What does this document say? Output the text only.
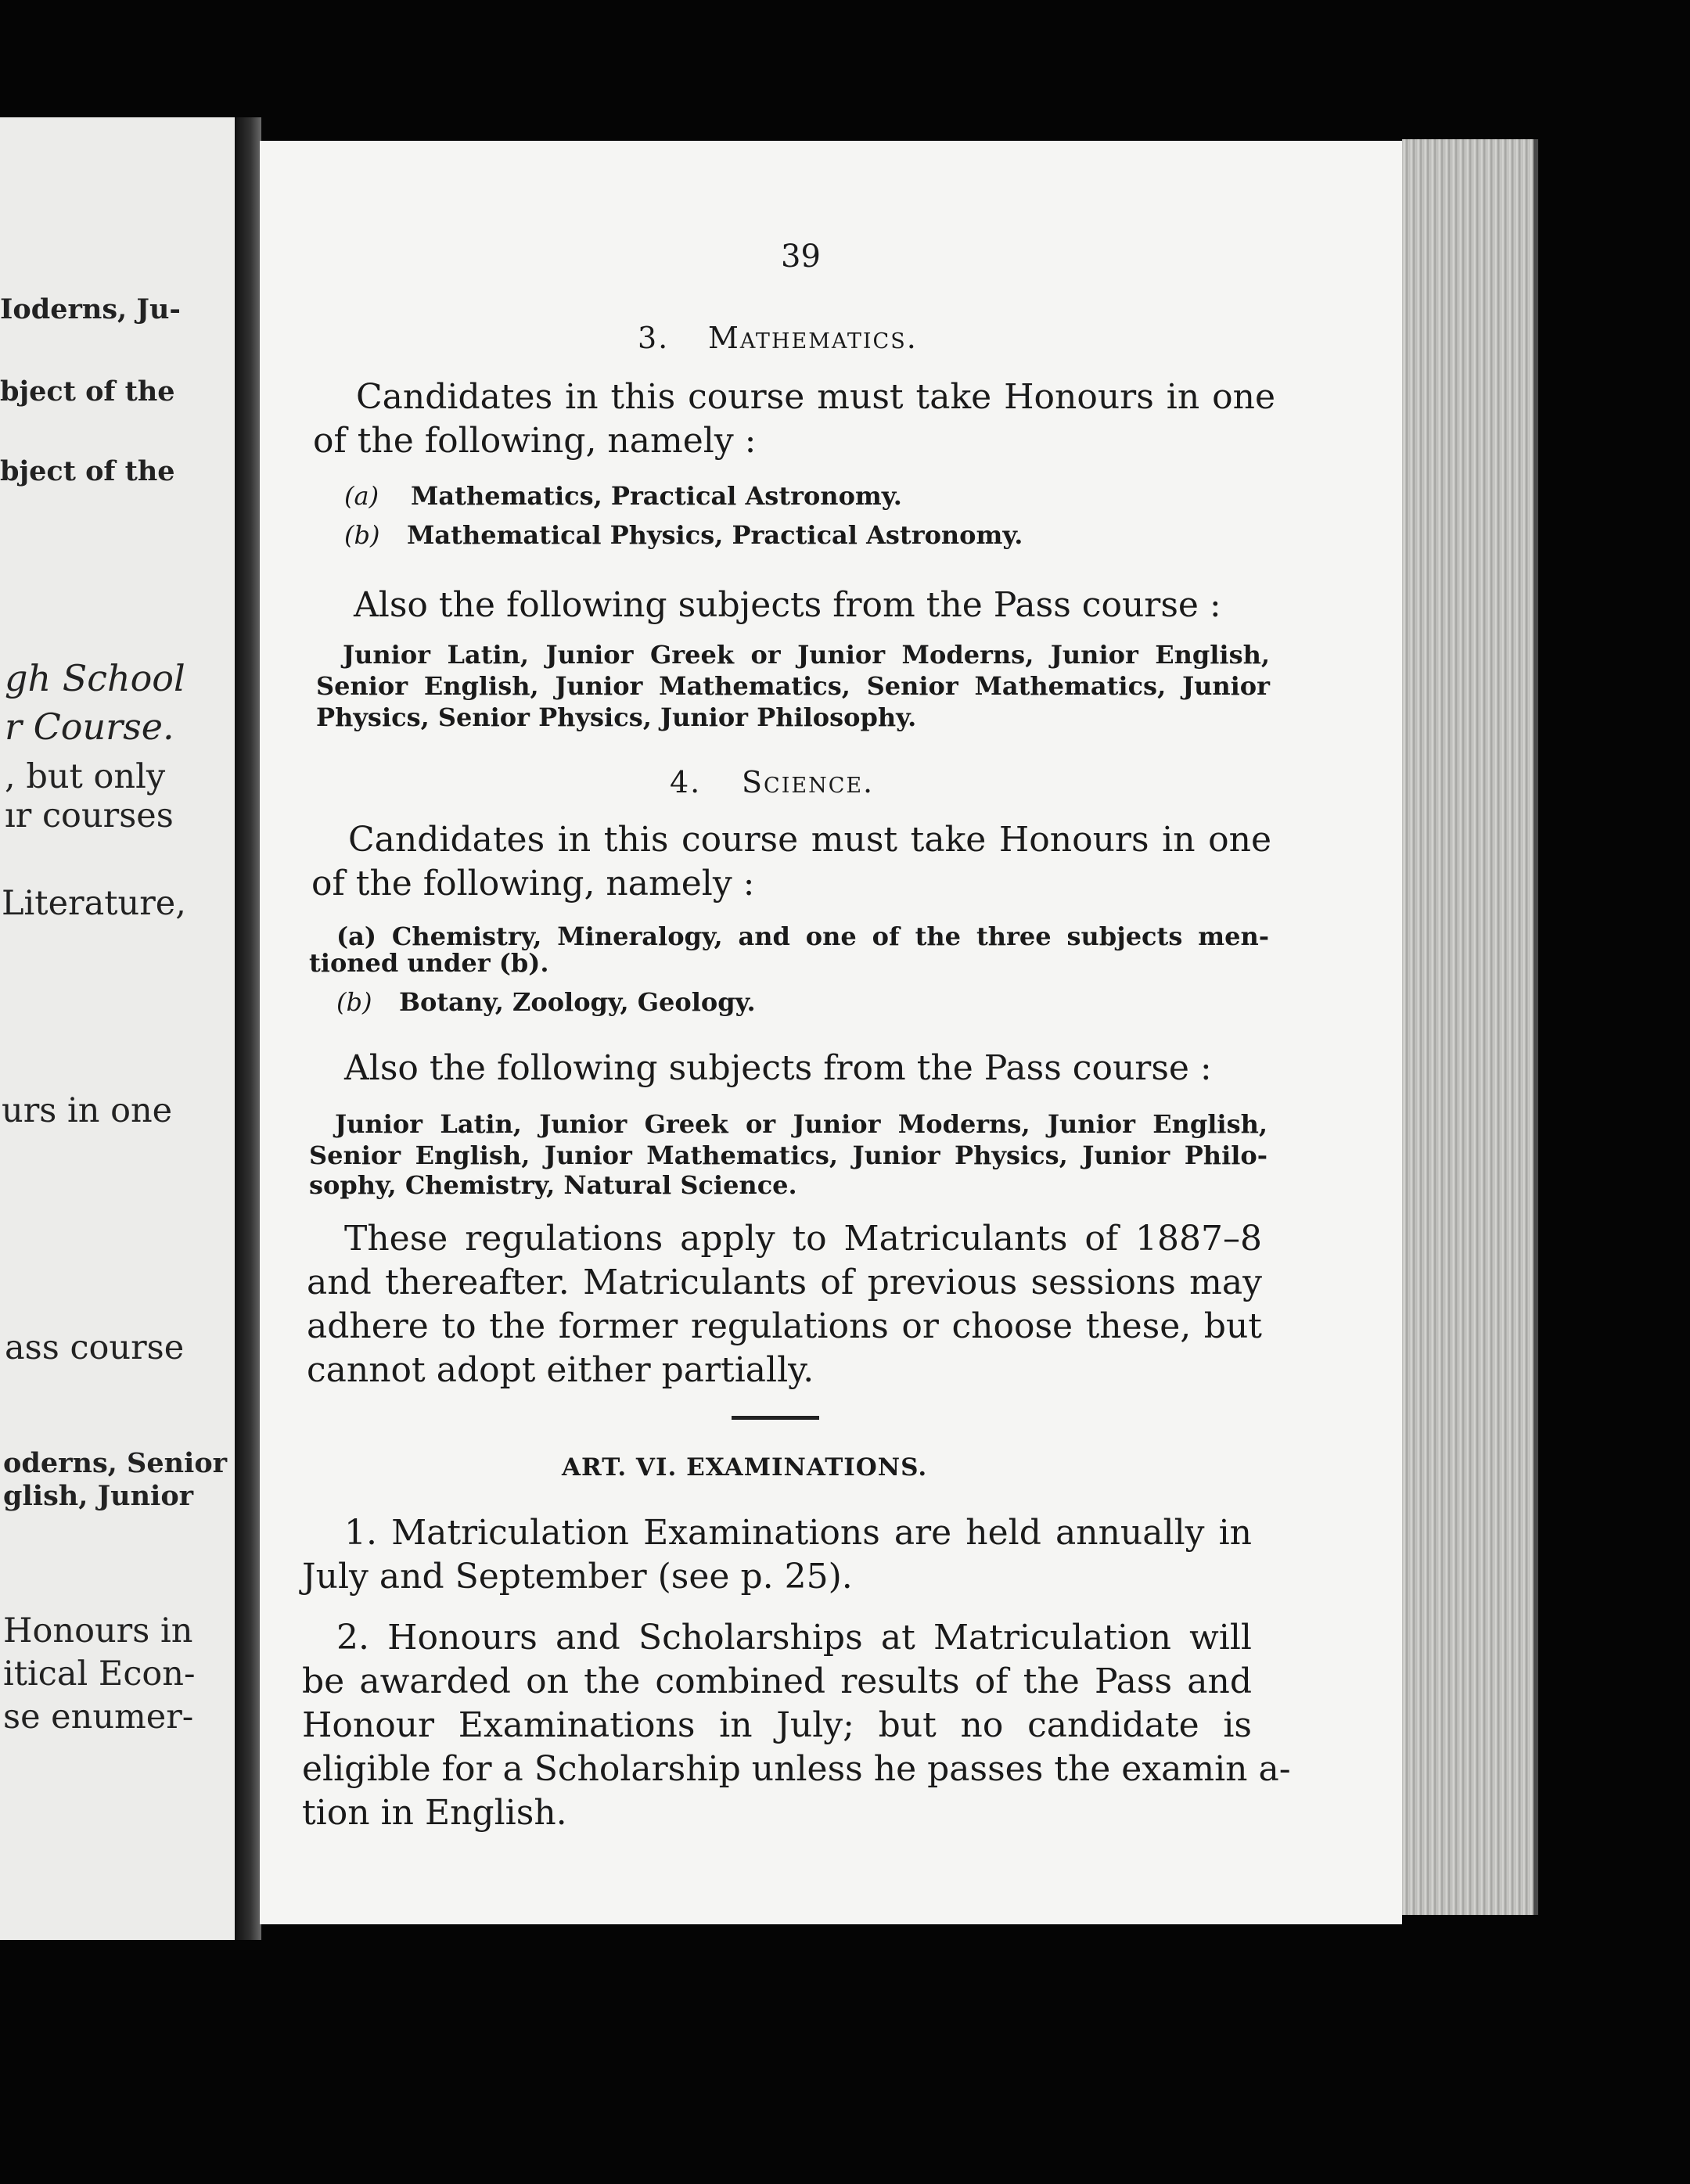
Ioderns, Ju-
bject of the
bject of the
gh School
r Course.
, but only
ır courses
Literature,
urs in one
ass course
oderns, Senior
glish, Junior
Honours in
itical Econ-
se enumer-
39
3. Mathematics.
Candidates in this course must take Honours in one
of the following, namely :
(a) Mathematics, Practical Astronomy.
(b) Mathematical Physics, Practical Astronomy.
Also the following subjects from the Pass course :
Junior Latin, Junior Greek or Junior Moderns, Junior English,
Senior English, Junior Mathematics, Senior Mathematics, Junior
Physics, Senior Physics, Junior Philosophy.
4. Science.
Candidates in this course must take Honours in one
of the following, namely :
(a) Chemistry, Mineralogy, and one of the three subjects men-
tioned under (b).
(b) Botany, Zoology, Geology.
Also the following subjects from the Pass course :
Junior Latin, Junior Greek or Junior Moderns, Junior English,
Senior English, Junior Mathematics, Junior Physics, Junior Philo-
sophy, Chemistry, Natural Science.
These regulations apply to Matriculants of 1887–8
and thereafter. Matriculants of previous sessions may
adhere to the former regulations or choose these, but
cannot adopt either partially.
ART. VI. EXAMINATIONS.
1. Matriculation Examinations are held annually in
July and September (see p. 25).
2. Honours and Scholarships at Matriculation will
be awarded on the combined results of the Pass and
Honour Examinations in July; but no candidate is
eligible for a Scholarship unless he passes the examin a-
tion in English.
